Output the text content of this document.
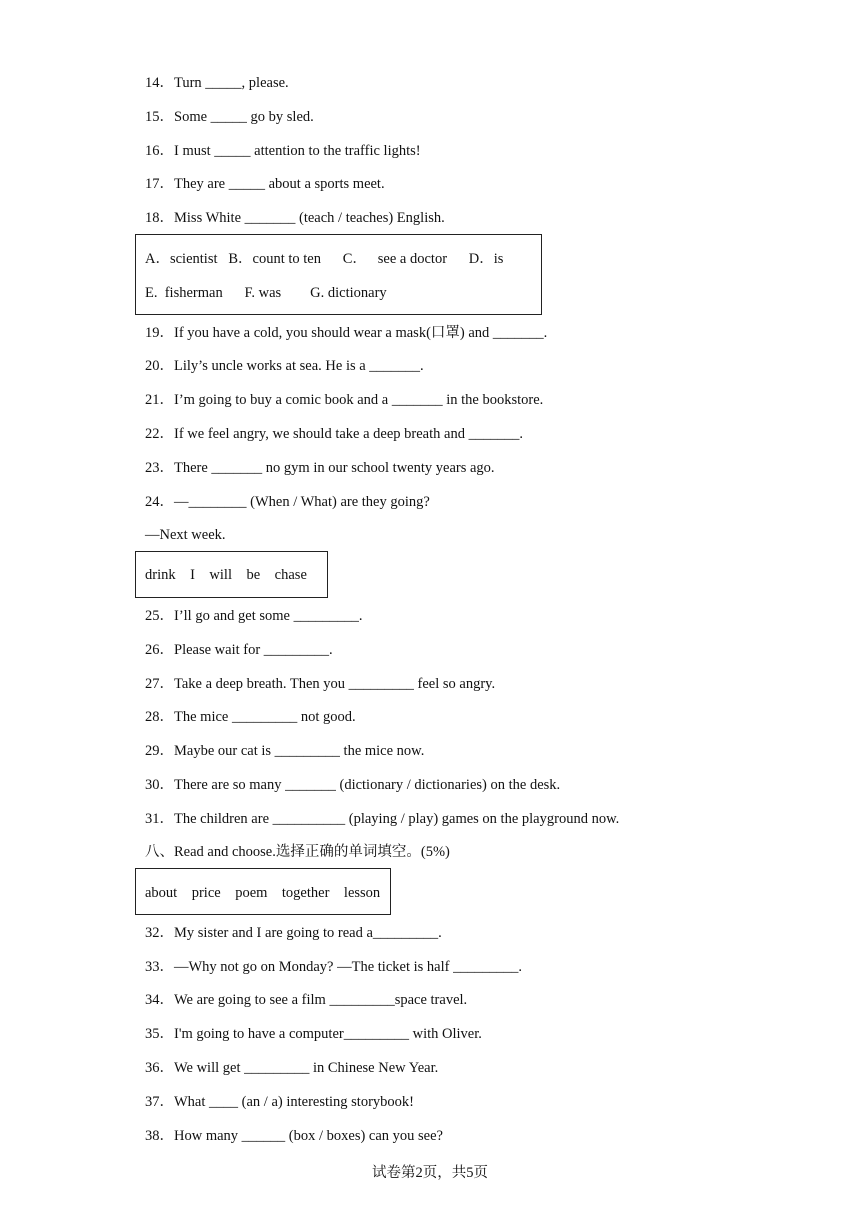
14．Turn _____, please.
15．Some _____ go by sled.
16．I must _____ attention to the traffic lights!
17．They are _____ about a sports meet.
18．Miss White _______ (teach / teaches) English.
A．scientist   B．count to ten      C．   see a doctor      D．is
E.  fisherman      F. was        G. dictionary
19．If you have a cold, you should wear a mask(口罩) and _______.
20．Lily’s uncle works at sea. He is a _______.
21．I’m going to buy a comic book and a _______ in the bookstore.
22．If we feel angry, we should take a deep breath and _______.
23．There _______ no gym in our school twenty years ago.
24．—________ (When / What) are they going?
—Next week.
drink    I    will    be    chase
25．I’ll go and get some _________.
26．Please wait for _________.
27．Take a deep breath. Then you _________ feel so angry.
28．The mice _________ not good.
29．Maybe our cat is _________ the mice now.
30．There are so many _______ (dictionary / dictionaries) on the desk.
31．The children are __________ (playing / play) games on the playground now.
八、Read and choose.选择正确的单词填空。(5%)
about    price    poem    together    lesson
32．My sister and I are going to read a_________.
33．—Why not go on Monday? —The ticket is half _________.
34．We are going to see a film _________space travel.
35．I'm going to have a computer_________ with Oliver.
36．We will get _________ in Chinese New Year.
37．What ____ (an / a) interesting storybook!
38．How many ______ (box / boxes) can you see?
试卷第2页，共5页
